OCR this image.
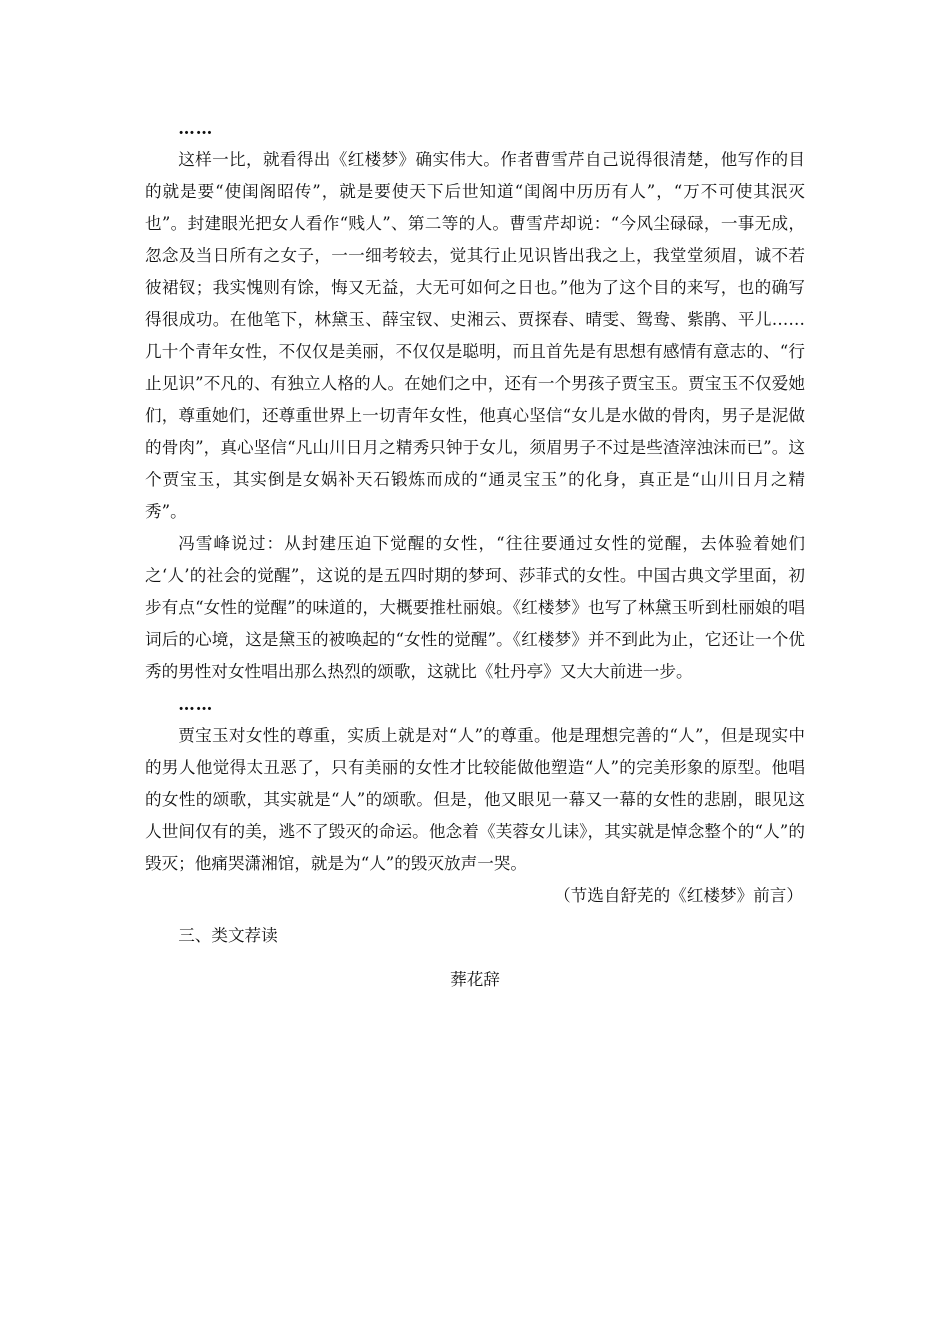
……

这样一比，就看得出《红楼梦》确实伟大。作者曹雪芹自己说得很清楚，他写作的目的就是要“使闺阁昭传”，就是要使天下后世知道“闺阁中历历有人”，“万不可使其泯灭也”。封建眼光把女人看作“贱人”、第二等的人。曹雪芹却说：“今风尘碌碌，一事无成，忽念及当日所有之女子，一一细考较去，觉其行止见识皆出我之上，我堂堂须眉，诚不若彼裙钗；我实愧则有馀，悔又无益，大无可如何之日也。”他为了这个目的来写，也的确写得很成功。在他笔下，林黛玉、薛宝钗、史湘云、贾探春、晴雯、鸳鸯、紫鹃、平儿……几十个青年女性，不仅仅是美丽，不仅仅是聪明，而且首先是有思想有感情有意志的、“行止见识”不凡的、有独立人格的人。在她们之中，还有一个男孩子贾宝玉。贾宝玉不仅爱她们，尊重她们，还尊重世界上一切青年女性，他真心坚信“女儿是水做的骨肉，男子是泥做的骨肉”，真心坚信“凡山川日月之精秀只钟于女儿，须眉男子不过是些渣滓浊沫而已”。这个贾宝玉，其实倒是女娲补天石锻炼而成的“通灵宝玉”的化身，真正是“山川日月之精秀”。

冯雪峰说过：从封建压迫下觉醒的女性，“往往要通过女性的觉醒，去体验着她们之‘人’的社会的觉醒”，这说的是五四时期的梦珂、莎菲式的女性。中国古典文学里面，初步有点“女性的觉醒”的味道的，大概要推杜丽娘。《红楼梦》也写了林黛玉听到杜丽娘的唱词后的心境，这是黛玉的被唤起的“女性的觉醒”。《红楼梦》并不到此为止，它还让一个优秀的男性对女性唱出那么热烈的颂歌，这就比《牡丹亭》又大大前进一步。

……

贾宝玉对女性的尊重，实质上就是对“人”的尊重。他是理想完善的“人”，但是现实中的男人他觉得太丑恶了，只有美丽的女性才比较能做他塑造“人”的完美形象的原型。他唱的女性的颂歌，其实就是“人”的颂歌。但是，他又眼见一幕又一幕的女性的悲剧，眼见这人世间仅有的美，逃不了毁灭的命运。他念着《芙蓉女儿诔》，其实就是悼念整个的“人”的毁灭；他痛哭潇湘馆，就是为“人”的毁灭放声一哭。

（节选自舒芜的《红楼梦》前言）

三、类文荐读

葬花辞
